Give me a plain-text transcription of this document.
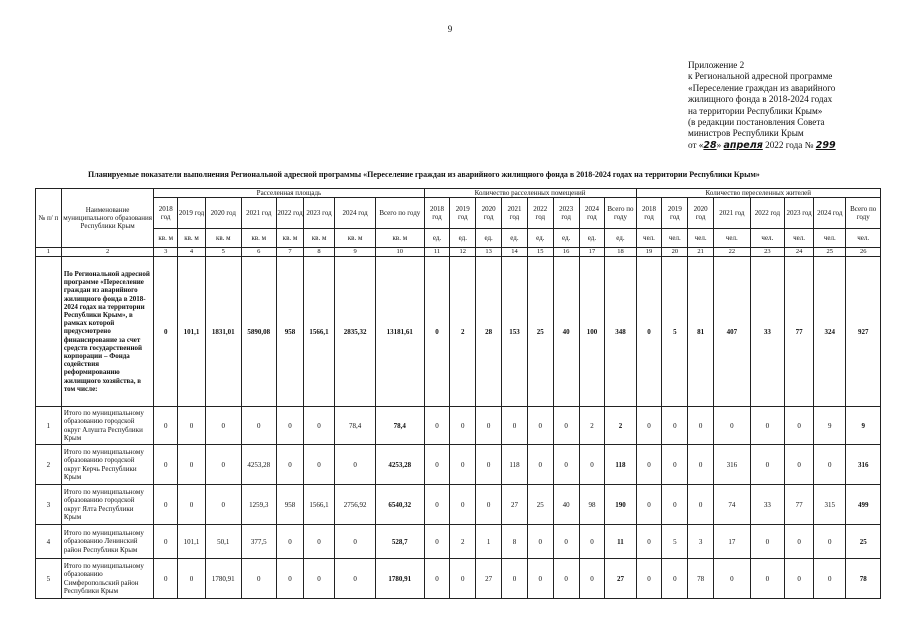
9
Приложение 2
к Региональной адресной программе
«Переселение граждан из аварийного
жилищного фонда в 2018-2024 годах
на территории Республики Крым»
(в редакции постановления Совета
министров Республики Крым
от «28» апреля 2022 года № 299
Планируемые показатели выполнения Региональной адресной программы «Переселение граждан из аварийного жилищного фонда в 2018-2024 годах на территории Республики Крым»
№ п/ п	Наименование муниципального образования Республики Крым	Расселенная площадь								Количество расселенных помещений								Количество переселенных жителей							
		2018 год	2019 год	2020 год	2021 год	2022 год	2023 год	2024 год	Всего по году	2018 год	2019 год	2020 год	2021 год	2022 год	2023 год	2024 год	Всего по году	2018 год	2019 год	2020 год	2021 год	2022 год	2023 год	2024 год	Всего по году
		кв. м	кв. м	кв. м	кв. м	кв. м	кв. м	кв. м	кв. м	ед.	ед.	ед.	ед.	ед.	ед.	ед.	ед.	чел.	чел.	чел.	чел.	чел.	чел.	чел.	чел.
1	2	3	4	5	6	7	8	9	10	11	12	13	14	15	16	17	18	19	20	21	22	23	24	25	26
	По Региональной адресной программе «Переселение граждан из аварийного жилищного фонда в 2018-2024 годах на территории Республики Крым», в рамках которой предусмотрено финансирование за счет средств государственной корпорации – Фонда содействия реформированию жилищного хозяйства, в том числе:	0	101,1	1831,01	5890,08	958	1566,1	2835,32	13181,61	0	2	28	153	25	40	100	348	0	5	81	407	33	77	324	927
1	Итого по муниципальному образованию городской округ Алушта Республики Крым	0	0	0	0	0	0	78,4	78,4	0	0	0	0	0	0	2	2	0	0	0	0	0	0	9	9
2	Итого по муниципальному образованию городской округ Керчь Республики Крым	0	0	0	4253,28	0	0	0	4253,28	0	0	0	118	0	0	0	118	0	0	0	316	0	0	0	316
3	Итого по муниципальному образованию городской округ Ялта Республики Крым	0	0	0	1259,3	958	1566,1	2756,92	6540,32	0	0	0	27	25	40	98	190	0	0	0	74	33	77	315	499
4	Итого по муниципальному образованию Ленинский район Республики Крым	0	101,1	50,1	377,5	0	0	0	528,7	0	2	1	8	0	0	0	11	0	5	3	17	0	0	0	25
5	Итого по муниципальному образованию Симферопольский район Республики Крым	0	0	1780,91	0	0	0	0	1780,91	0	0	27	0	0	0	0	27	0	0	78	0	0	0	0	78
